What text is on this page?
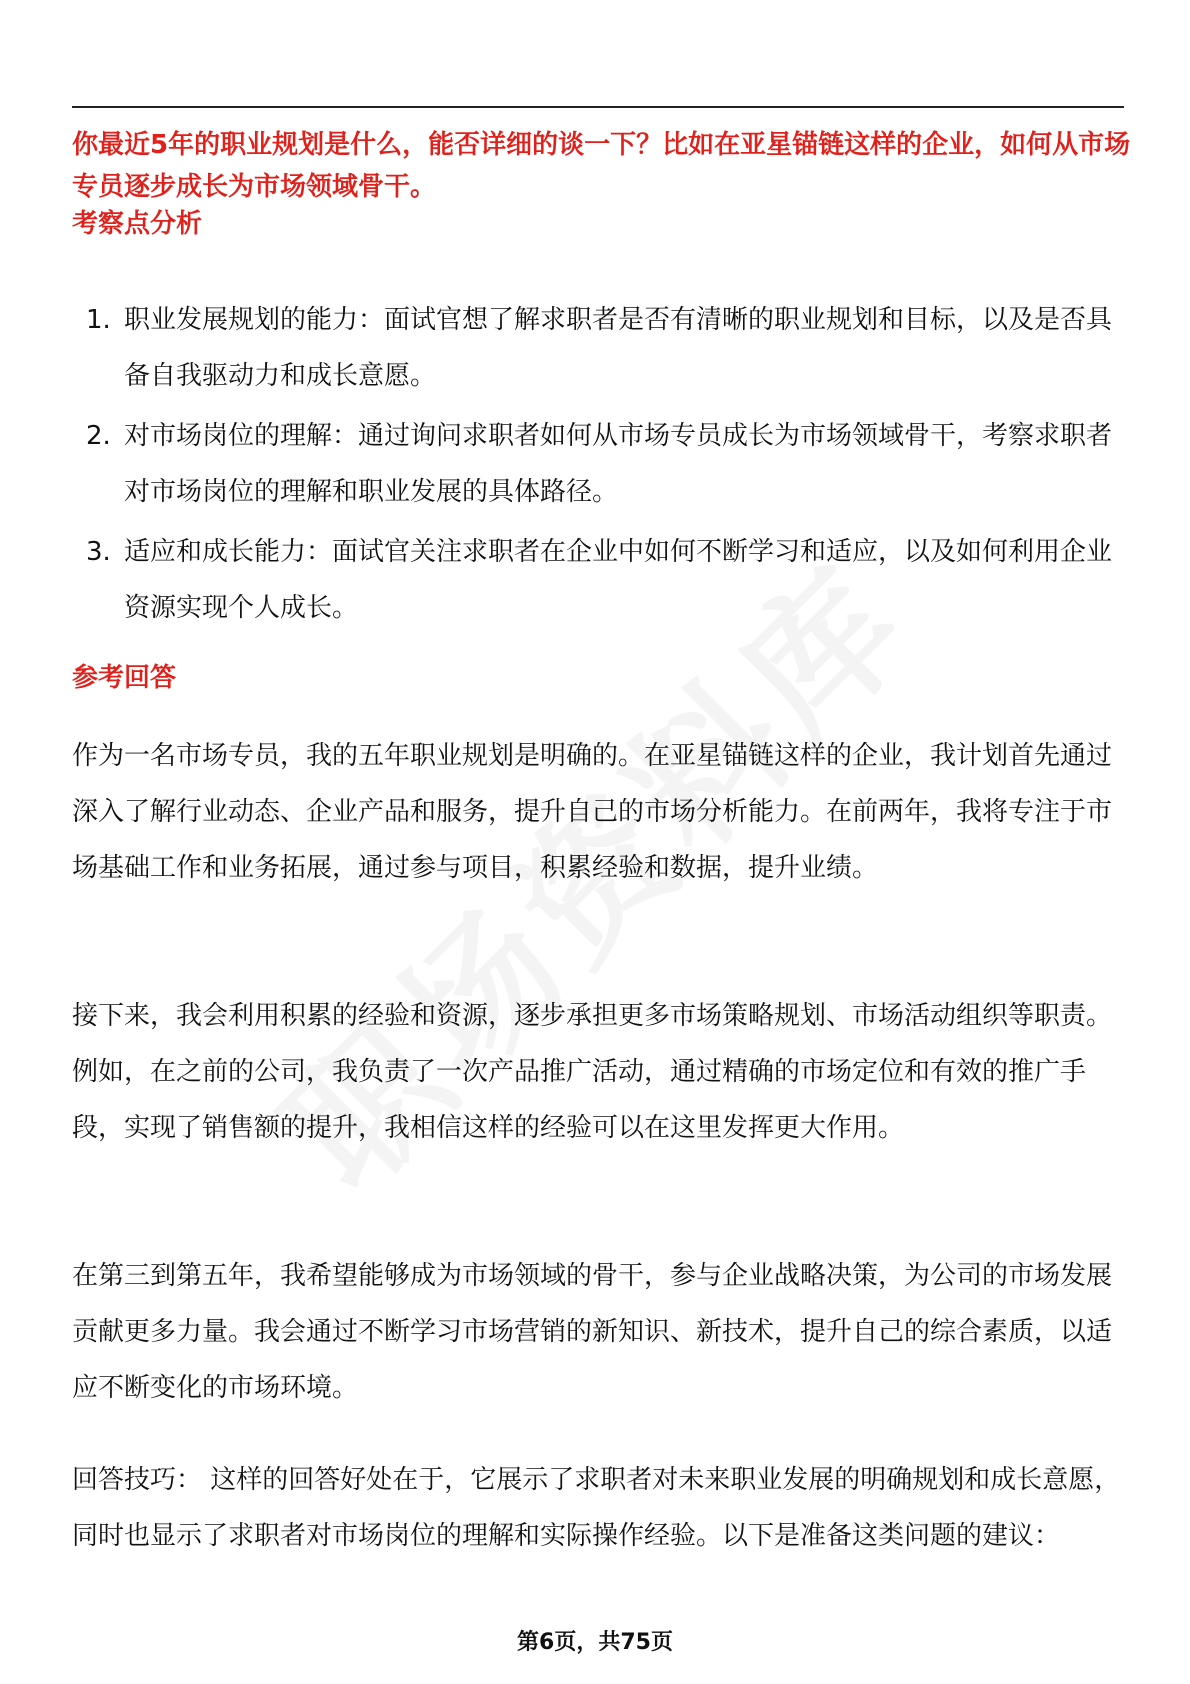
你最近5年的职业规划是什么，能否详细的谈一下？比如在亚星锚链这样的企业，如何从市场专员逐步成长为市场领域骨干。

考察点分析

1. 职业发展规划的能力：面试官想了解求职者是否有清晰的职业规划和目标，以及是否具备自我驱动力和成长意愿。
2. 对市场岗位的理解：通过询问求职者如何从市场专员成长为市场领域骨干，考察求职者对市场岗位的理解和职业发展的具体路径。
3. 适应和成长能力：面试官关注求职者在企业中如何不断学习和适应，以及如何利用企业资源实现个人成长。

参考回答

作为一名市场专员，我的五年职业规划是明确的。在亚星锚链这样的企业，我计划首先通过深入了解行业动态、企业产品和服务，提升自己的市场分析能力。在前两年，我将专注于市场基础工作和业务拓展，通过参与项目，积累经验和数据，提升业绩。

接下来，我会利用积累的经验和资源，逐步承担更多市场策略规划、市场活动组织等职责。例如，在之前的公司，我负责了一次产品推广活动，通过精确的市场定位和有效的推广手段，实现了销售额的提升，我相信这样的经验可以在这里发挥更大作用。

在第三到第五年，我希望能够成为市场领域的骨干，参与企业战略决策，为公司的市场发展贡献更多力量。我会通过不断学习市场营销的新知识、新技术，提升自己的综合素质，以适应不断变化的市场环境。

回答技巧： 这样的回答好处在于，它展示了求职者对未来职业发展的明确规划和成长意愿，同时也显示了求职者对市场岗位的理解和实际操作经验。以下是准备这类问题的建议：

第6页，共75页
